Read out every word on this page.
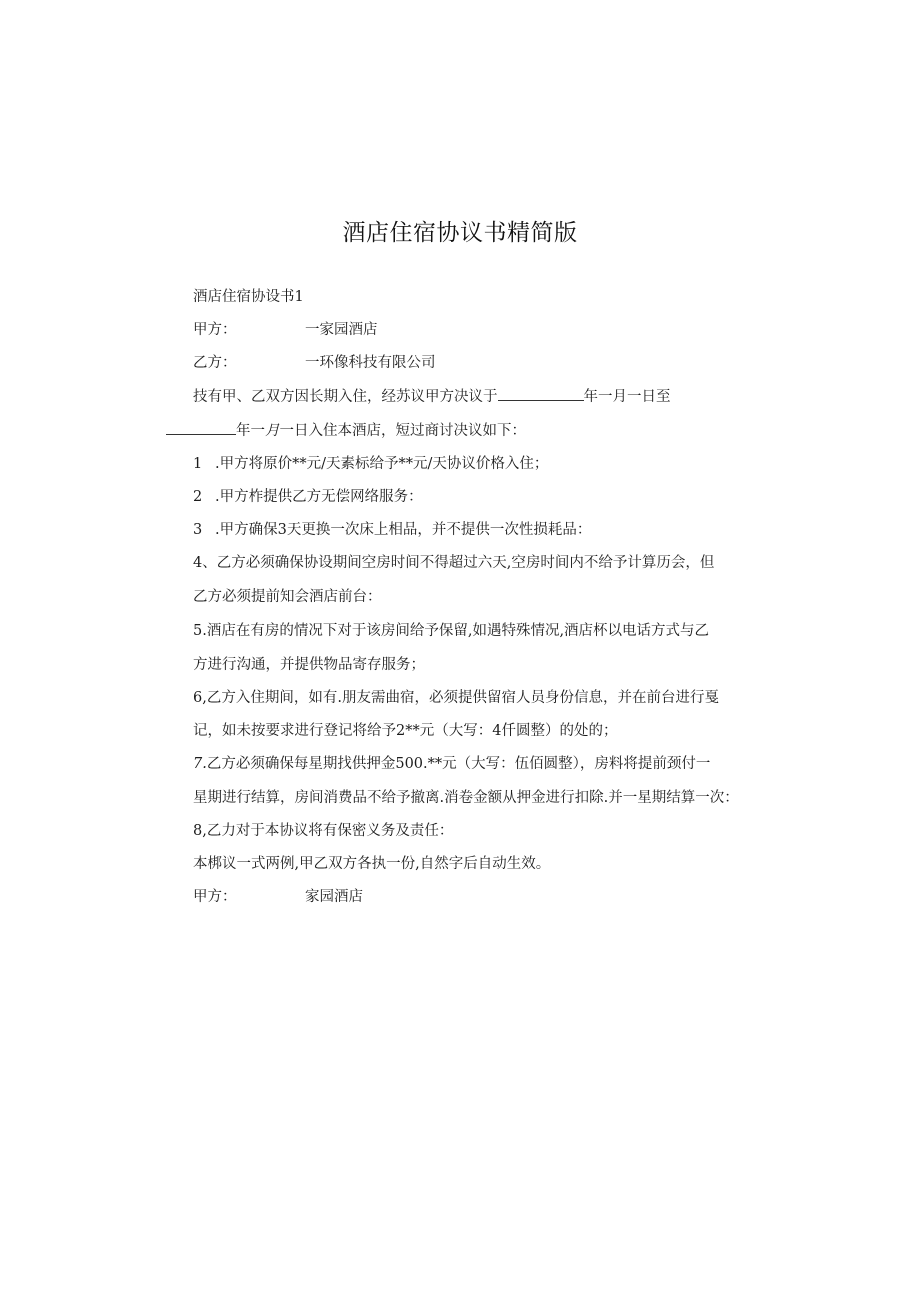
酒店住宿协议书精简版
酒店住宿协设书1
甲方：	一家园酒店
乙方：	一环像科技有限公司
技有甲、乙双方因长期入住，经苏议甲方决议于	年一月一日至
年一月一日入住本酒店，短过商讨决议如下：
1 .甲方将原价**元/天素标给予**元/天协议价格入住；
2 .甲方柞提供乙方无偿网络服务：
3 .甲方确保3天更换一次床上相品，并不提供一次性损耗品：
4、乙方必须确保协设期间空房时间不得超过六天,空房时间内不给予计算历会，但
乙方必须提前知会酒店前台：
5.酒店在有房的情况下对于该房间给予保留,如遇特殊情况,酒店杯以电话方式与乙
方进行沟通，并提供物品寄存服务；
6,乙方入住期间，如有.朋友需曲宿，必须提供留宿人员身份信息，并在前台进行戛
记，如未按要求进行登记将给予2**元（大写：4仟圆整）的处的；
7.乙方必须确保每星期找供押金500.**元（大写：伍佰圆整），房料将提前颈付一
星期进行结算，房间消费品不给予撤离.消卷金额从押金进行扣除.并一星期结算一次：
8,乙力对于本协议将有保密义务及责任：
本梆议一式两例,甲乙双方各执一份,自然字后自动生效。
甲方：	家园酒店
